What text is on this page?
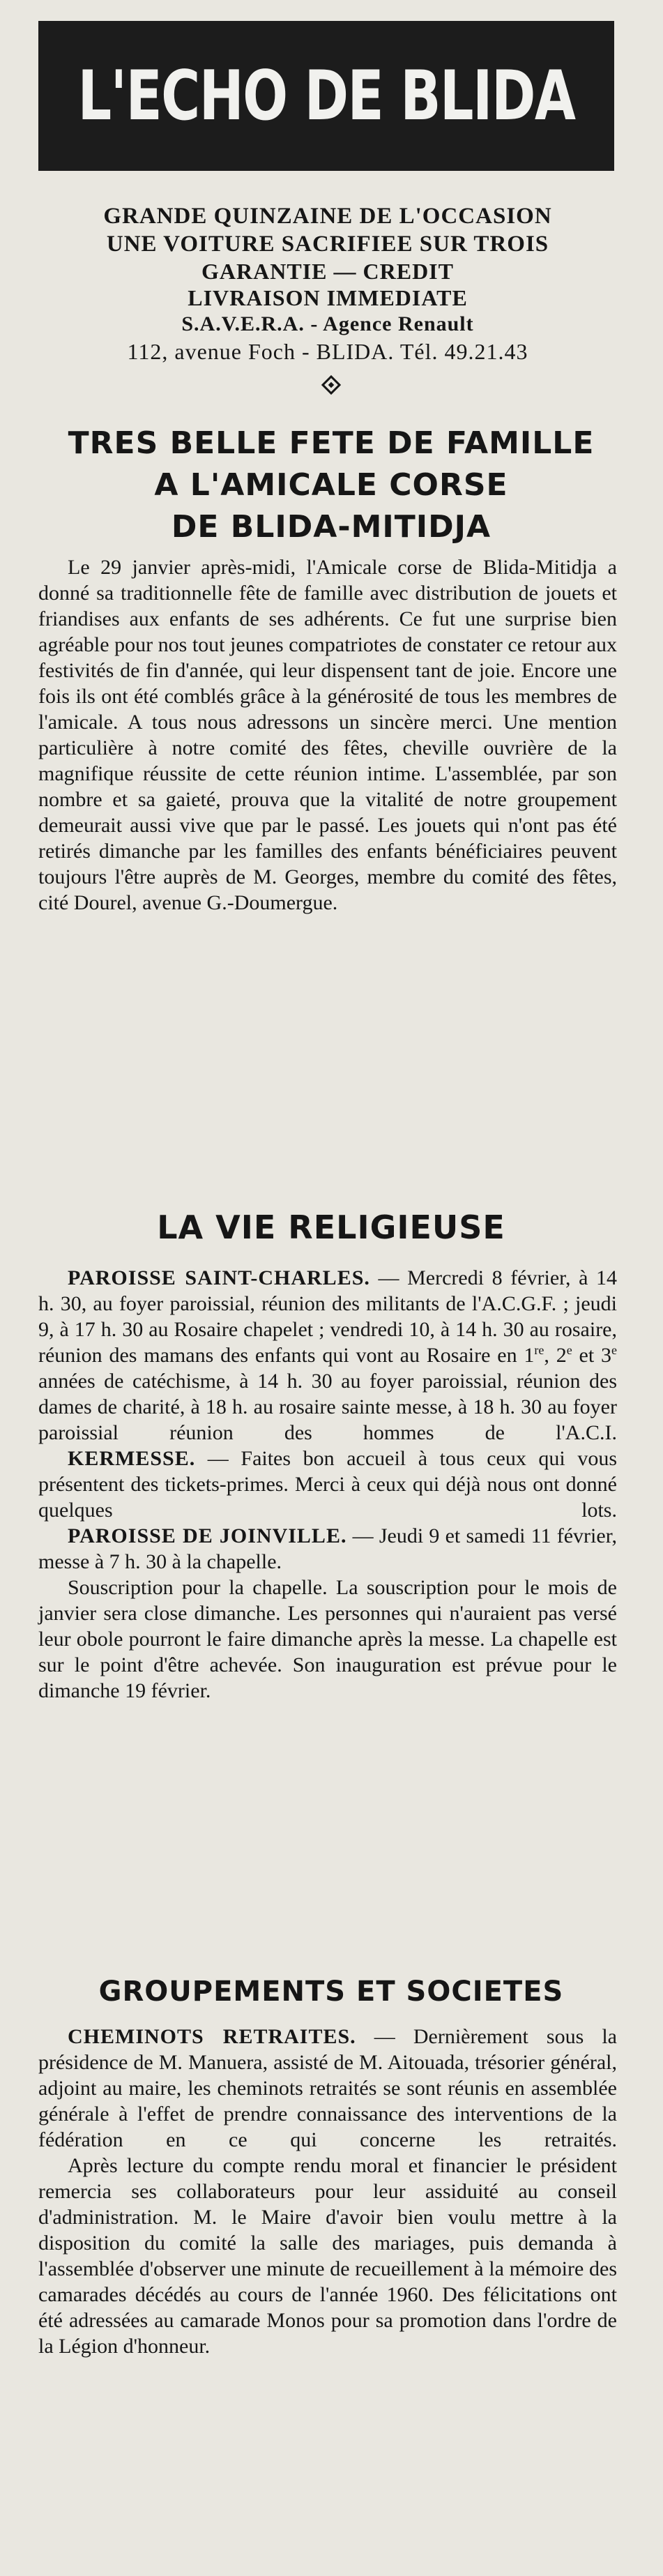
L'ECHO DE BLIDA
GRANDE QUINZAINE DE L'OCCASION
UNE VOITURE SACRIFIEE SUR TROIS
GARANTIE — CREDIT
LIVRAISON IMMEDIATE
S.A.V.E.R.A. - Agence Renault
112, avenue Foch - BLIDA. Tél. 49.21.43
TRES BELLE FETE DE FAMILLE
A L'AMICALE CORSE
DE BLIDA-MITIDJA

Le 29 janvier après-midi, l'Amicale corse de Blida-Mitidja a donné sa traditionnelle fête de famille avec distribution de jouets et friandises aux enfants de ses adhérents. Ce fut une surprise bien agréable pour nos tout jeunes compatriotes de constater ce retour aux festivités de fin d'année, qui leur dispensent tant de joie. Encore une fois ils ont été comblés grâce à la générosité de tous les membres de l'amicale. A tous nous adressons un sincère merci. Une mention particulière à notre comité des fêtes, cheville ouvrière de la magnifique réussite de cette réunion intime. L'assemblée, par son nombre et sa gaieté, prouva que la vitalité de notre groupement demeurait aussi vive que par le passé. Les jouets qui n'ont pas été retirés dimanche par les familles des enfants bénéficiaires peuvent toujours l'être auprès de M. Georges, membre du comité des fêtes, cité Dourel, avenue G.-Doumergue.

LA VIE RELIGIEUSE

PAROISSE SAINT-CHARLES. — Mercredi 8 février, à 14 h. 30, au foyer paroissial, réunion des militants de l'A.C.G.F. ; jeudi 9, à 17 h. 30 au Rosaire chapelet ; vendredi 10, à 14 h. 30 au rosaire, réunion des mamans des enfants qui vont au Rosaire en 1re, 2e et 3e années de catéchisme, à 14 h. 30 au foyer paroissial, réunion des dames de charité, à 18 h. au rosaire sainte messe, à 18 h. 30 au foyer paroissial réunion des hommes de l'A.C.I.

KERMESSE. — Faites bon accueil à tous ceux qui vous présentent des tickets-primes. Merci à ceux qui déjà nous ont donné quelques lots.

PAROISSE DE JOINVILLE. — Jeudi 9 et samedi 11 février, messe à 7 h. 30 à la chapelle.

Souscription pour la chapelle. La souscription pour le mois de janvier sera close dimanche. Les personnes qui n'auraient pas versé leur obole pourront le faire dimanche après la messe. La chapelle est sur le point d'être achevée. Son inauguration est prévue pour le dimanche 19 février.

GROUPEMENTS ET SOCIETES

CHEMINOTS RETRAITES. — Dernièrement sous la présidence de M. Manuera, assisté de M. Aitouada, trésorier général, adjoint au maire, les cheminots retraités se sont réunis en assemblée générale à l'effet de prendre connaissance des interventions de la fédération en ce qui concerne les retraités.

Après lecture du compte rendu moral et financier le président remercia ses collaborateurs pour leur assiduité au conseil d'administration. M. le Maire d'avoir bien voulu mettre à la disposition du comité la salle des mariages, puis demanda à l'assemblée d'observer une minute de recueillement à la mémoire des camarades décédés au cours de l'année 1960. Des félicitations ont été adressées au camarade Monos pour sa promotion dans l'ordre de la Légion d'honneur.
